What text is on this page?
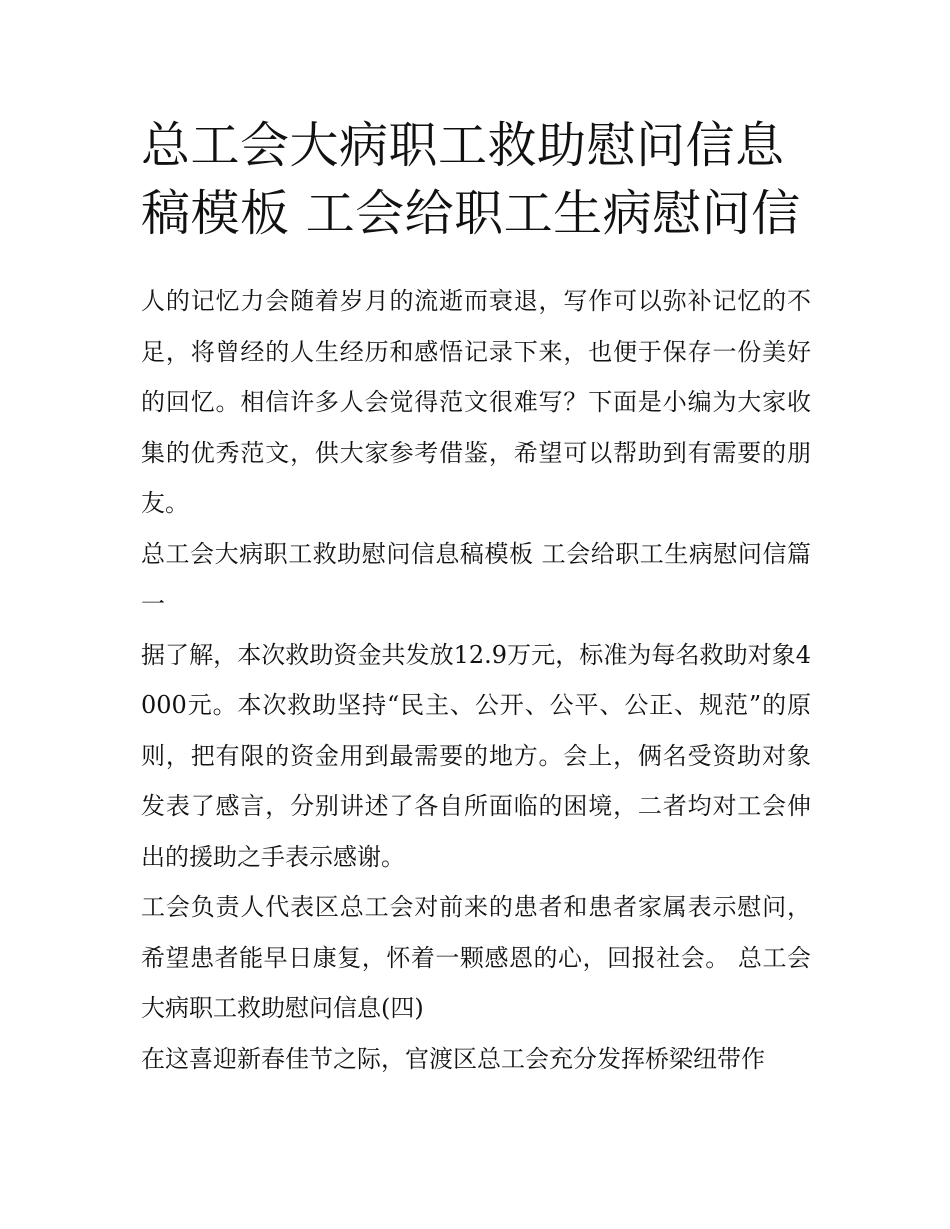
总工会大病职工救助慰问信息稿模板 工会给职工生病慰问信

人的记忆力会随着岁月的流逝而衰退，写作可以弥补记忆的不足，将曾经的人生经历和感悟记录下来，也便于保存一份美好的回忆。相信许多人会觉得范文很难写？下面是小编为大家收集的优秀范文，供大家参考借鉴，希望可以帮助到有需要的朋友。

总工会大病职工救助慰问信息稿模板 工会给职工生病慰问信篇一

据了解，本次救助资金共发放12.9万元，标准为每名救助对象4000元。本次救助坚持“民主、公开、公平、公正、规范”的原则，把有限的资金用到最需要的地方。会上，俩名受资助对象发表了感言，分别讲述了各自所面临的困境，二者均对工会伸出的援助之手表示感谢。

工会负责人代表区总工会对前来的患者和患者家属表示慰问，希望患者能早日康复，怀着一颗感恩的心，回报社会。 总工会大病职工救助慰问信息(四)

在这喜迎新春佳节之际，官渡区总工会充分发挥桥梁纽带作
